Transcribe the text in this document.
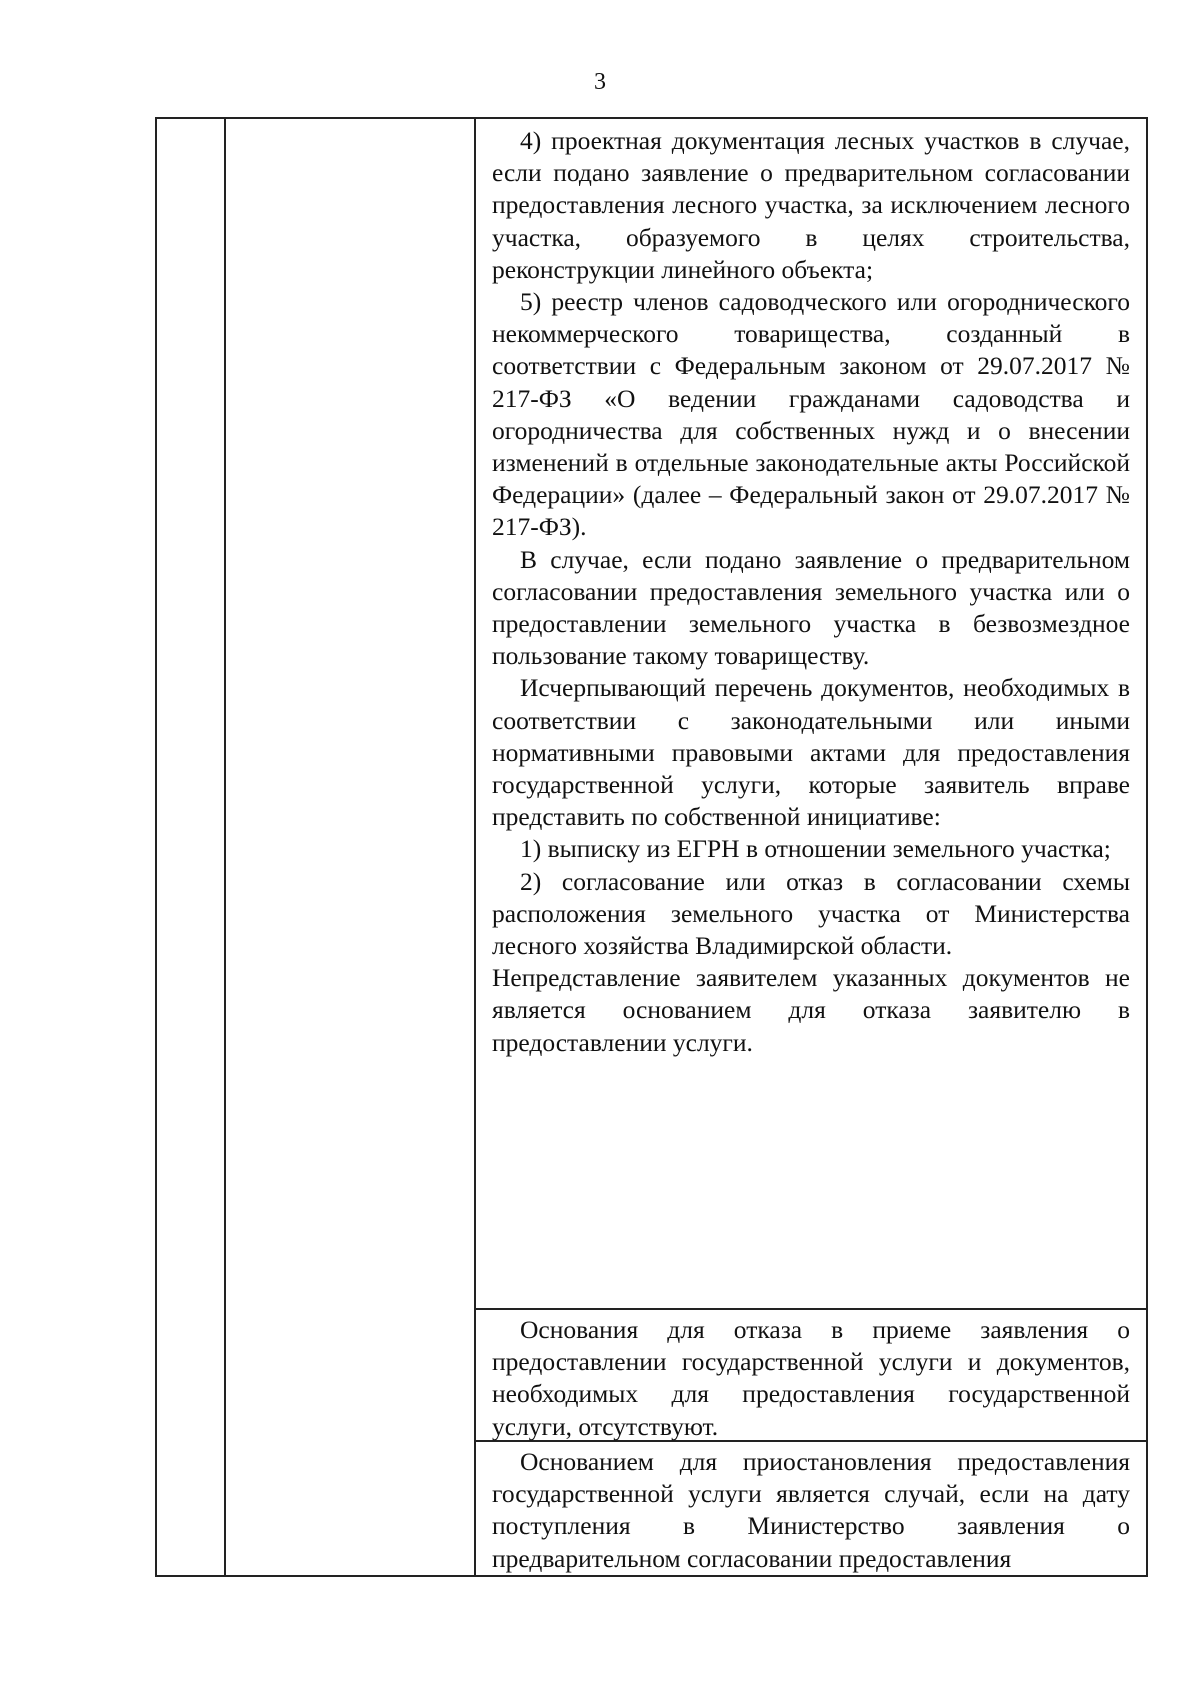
3

4) проектная документация лесных участков в случае, если подано заявление о предварительном согласовании предоставления лесного участка, за исключением лесного участка, образуемого в целях строительства, реконструкции линейного объекта;

5) реестр членов садоводческого или огороднического некоммерческого товарищества, созданный в соответствии с Федеральным законом от 29.07.2017 № 217-ФЗ «О ведении гражданами садоводства и огородничества для собственных нужд и о внесении изменений в отдельные законодательные акты Российской Федерации» (далее – Федеральный закон от 29.07.2017 № 217-ФЗ).

В случае, если подано заявление о предварительном согласовании предоставления земельного участка или о предоставлении земельного участка в безвозмездное пользование такому товариществу.

Исчерпывающий перечень документов, необходимых в соответствии с законодательными или иными нормативными правовыми актами для предоставления государственной услуги, которые заявитель вправе представить по собственной инициативе:

1) выписку из ЕГРН в отношении земельного участка;

2) согласование или отказ в согласовании схемы расположения земельного участка от Министерства лесного хозяйства Владимирской области.

Непредставление заявителем указанных документов не является основанием для отказа заявителю в предоставлении услуги.

Основания для отказа в приеме заявления о предоставлении государственной услуги и документов, необходимых для предоставления государственной услуги, отсутствуют.

Основанием для приостановления предоставления государственной услуги является случай, если на дату поступления в Министерство заявления о предварительном согласовании предоставления
